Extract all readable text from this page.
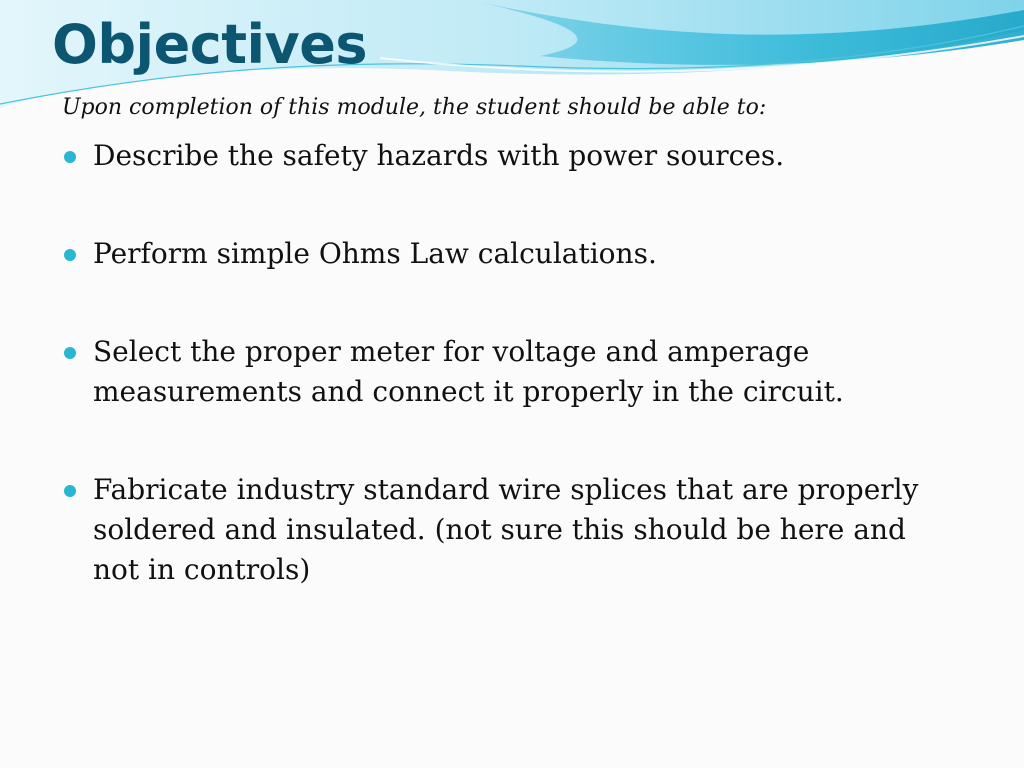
Objectives

Upon completion of this module, the student should be able to:

Describe the safety hazards with power sources.
Perform simple Ohms Law calculations.
Select the proper meter for voltage and amperage measurements and connect it properly in the circuit.
Fabricate industry standard wire splices that are properly soldered and insulated. (not sure this should be here and not in controls)
